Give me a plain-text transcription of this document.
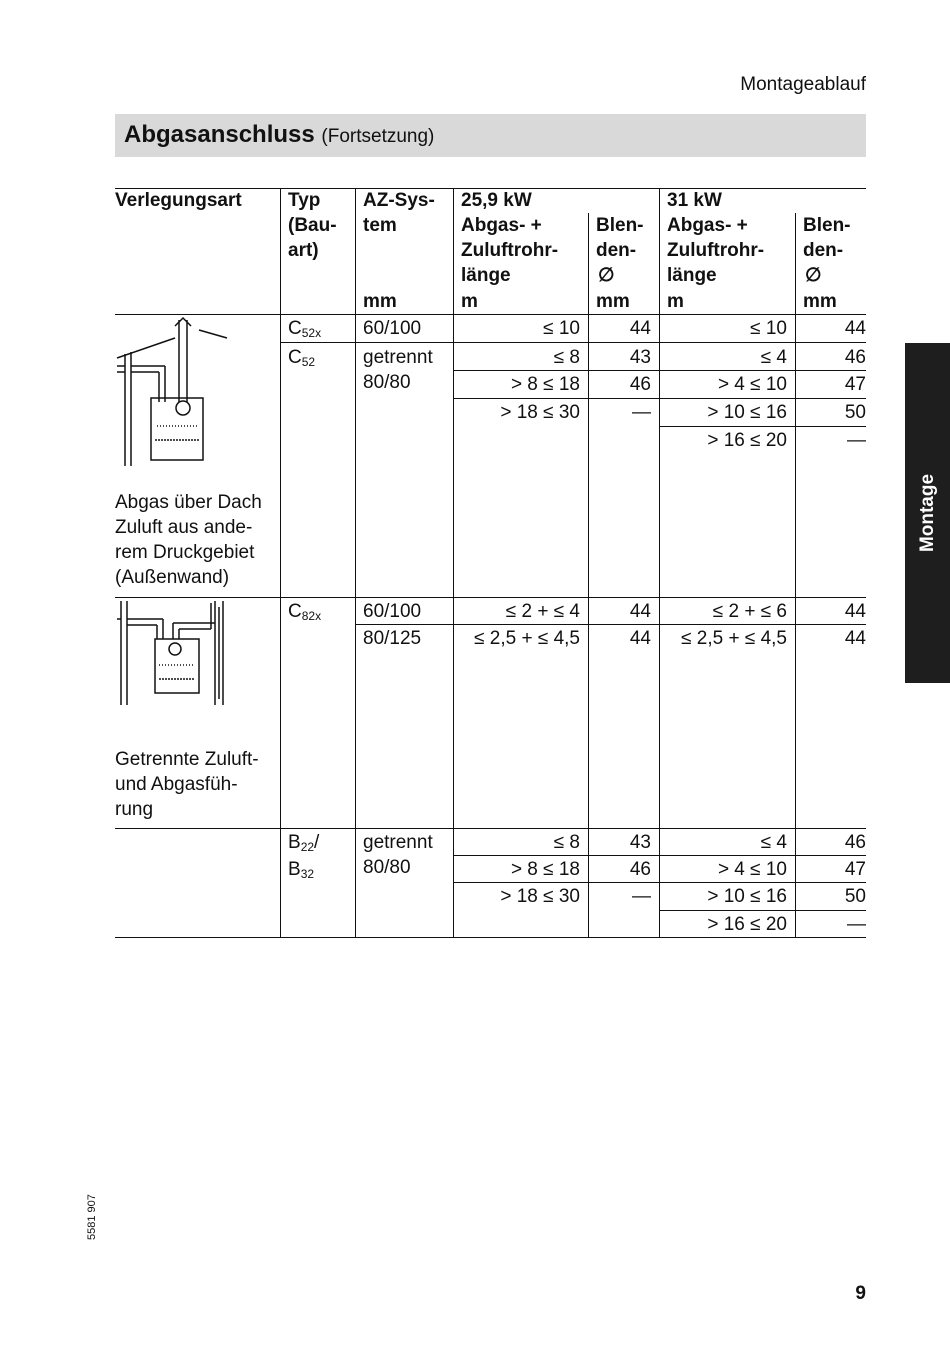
Montageablauf
Abgasanschluss (Fortsetzung)
Montage
5581 907
9
Verlegungsart Typ
(Bau-
art)
AZ-Sys-
tem
mm
25,9 kW	31 kW
Abgas- +
Zuluftrohr-
länge
m
Blen-
den-
∅
mm
Abgas- +
Zuluftrohr-
länge
m
Blen-
den-
∅
mm
Abgas über Dach
Zuluft aus ande-
rem Druckgebiet
(Außenwand)
$C_{52x}$
$C_{52}$
60/100
getrennt
80/80
≤ 10
≤ 8
> 8 ≤ 18
> 18 ≤ 30
44
43
46
—
≤ 10
≤ 4
> 4 ≤ 10
> 10 ≤ 16
> 16 ≤ 20
44
46
47
50
—
Getrennte Zuluft-
und Abgasfüh-
rung
$C_{82x}$ 60/100
80/125
≤ 2 + ≤ 4
≤ 2,5 + ≤ 4,5
44
44
≤ 2 + ≤ 6
≤ 2,5 + ≤ 4,5
44
44
$B_{22}/$
$B_{32}$
getrennt
80/80
≤ 8
> 8 ≤ 18
> 18 ≤ 30
43
46
—
≤ 4
> 4 ≤ 10
> 10 ≤ 16
> 16 ≤ 20
46
47
50
—
